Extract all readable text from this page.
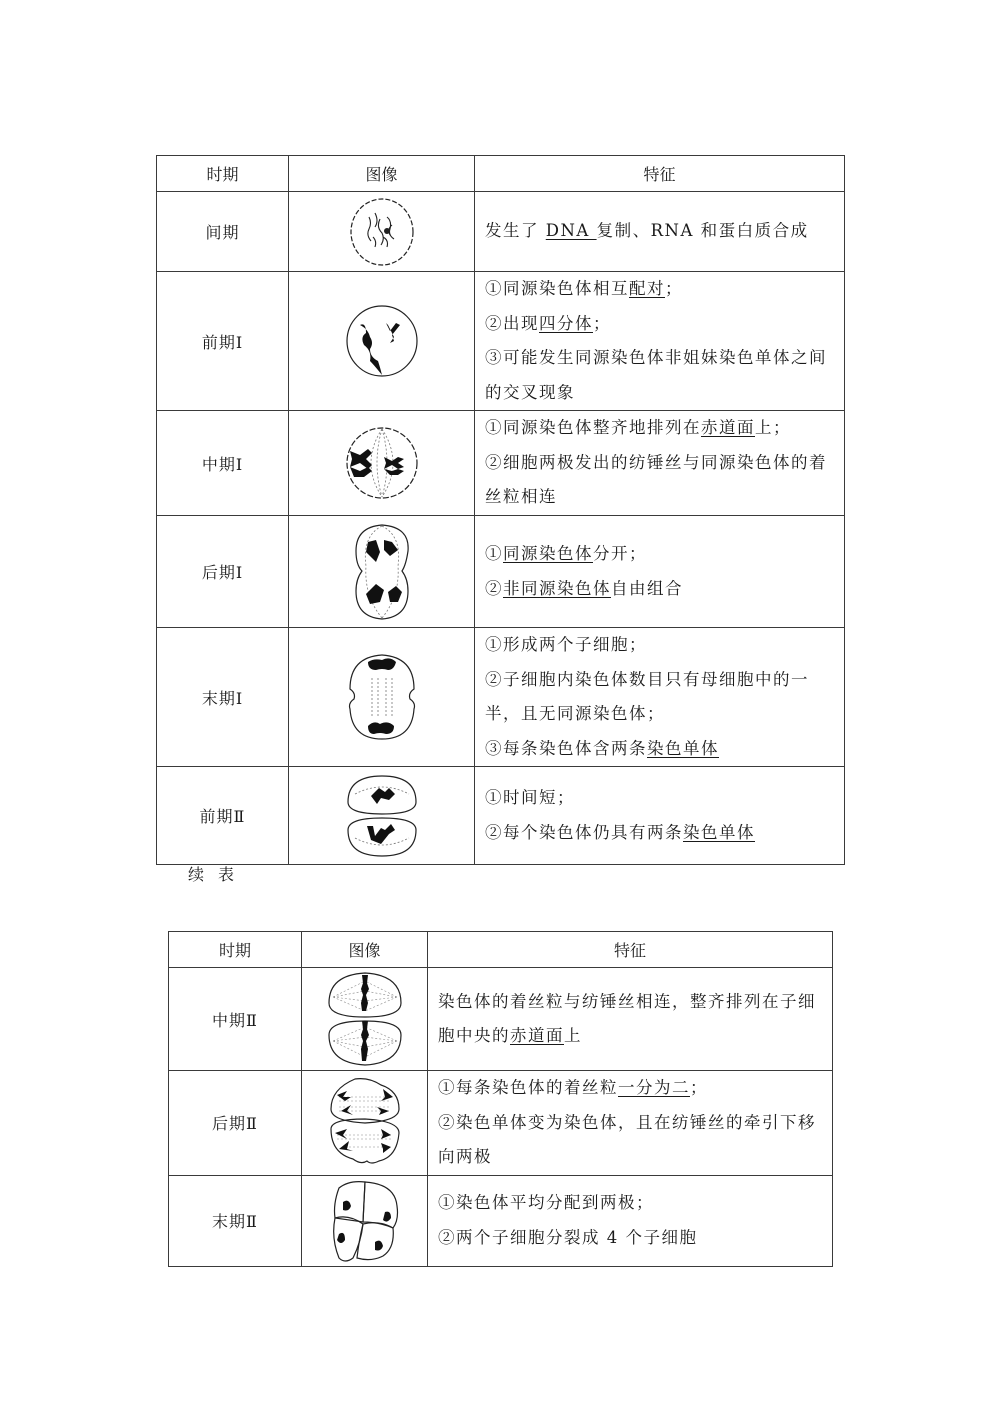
时期	图像	特征
间期		发生了 DNA 复制、RNA 和蛋白质合成

前期Ⅰ		①同源染色体相互配对；
②出现四分体；
③可能发生同源染色体非姐妹染色单体之间
的交叉现象

中期Ⅰ		①同源染色体整齐地排列在赤道面上；
②细胞两极发出的纺锤丝与同源染色体的着
丝粒相连

后期Ⅰ		①同源染色体分开；
②非同源染色体自由组合

末期Ⅰ		①形成两个子细胞；
②子细胞内染色体数目只有母细胞中的一
半，且无同源染色体；
③每条染色体含两条染色单体

前期Ⅱ		①时间短；
②每个染色体仍具有两条染色单体
续表
时期	图像	特征
中期Ⅱ		染色体的着丝粒与纺锤丝相连，整齐排列在子细
胞中央的赤道面上

后期Ⅱ		①每条染色体的着丝粒一分为二；
②染色单体变为染色体，且在纺锤丝的牵引下移
向两极

末期Ⅱ		①染色体平均分配到两极；
②两个子细胞分裂成 4 个子细胞
